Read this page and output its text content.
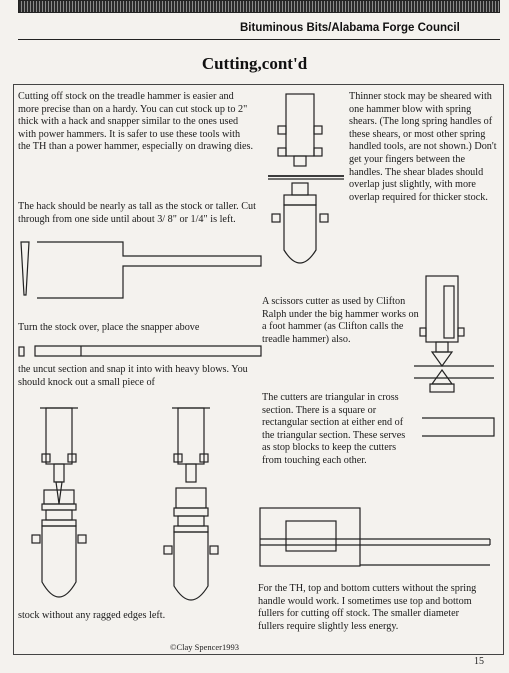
Bituminous Bits/Alabama Forge Council
Cutting,cont'd

Cutting off stock on the treadle hammer is easier and more precise than on a hardy. You can cut stock up to 2" thick with a hack and snapper similar to the ones used with power hammers. It is safer to use these tools with the TH than a power hammer, especially on drawing dies.

The hack should be nearly as tall as the stock or taller. Cut through from one side until about 3/ 8" or 1/4" is left.

Turn the stock over, place the snapper above

the uncut section and snap it into with heavy blows. You should knock out a small piece of

stock without any ragged edges left.

Thinner stock may be sheared with one hammer blow with spring shears. (The long spring handles of these shears, or most other spring handled tools, are not shown.) Don't get your fingers between the handles. The shear blades should overlap just slightly, with more overlap required for thicker stock.

A scissors cutter as used by Clifton Ralph under the big hammer works on a foot hammer (as Clifton calls the treadle hammer) also.

The cutters are triangular in cross section. There is a square or rectangular section at either end of the triangular section. These serves as stop blocks to keep the cutters from touching each other.

For the TH, top and bottom cutters without the spring handle would work. I sometimes use top and bottom fullers for cutting off stock. The smaller diameter fullers require slightly less energy.

©Clay Spencer1993
15
